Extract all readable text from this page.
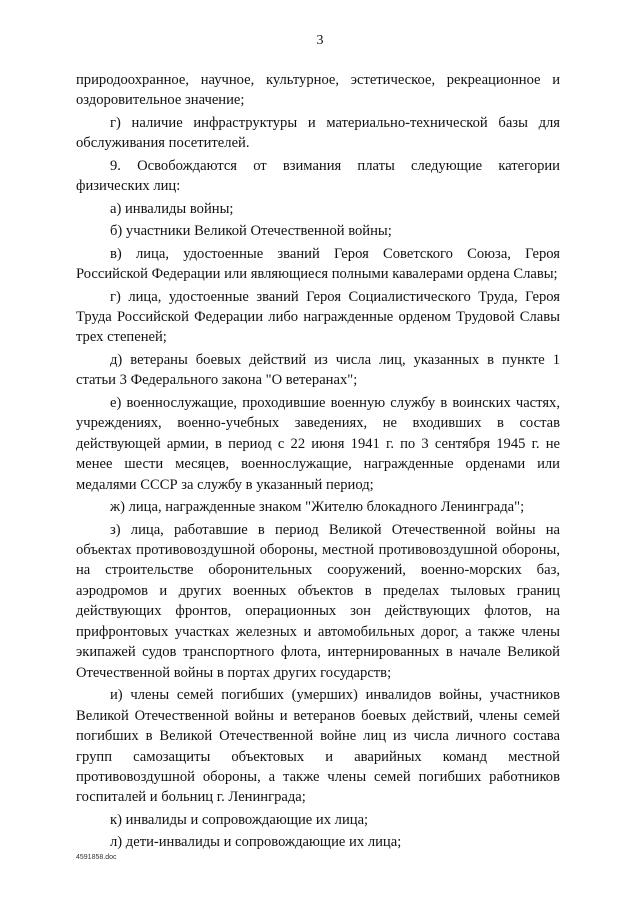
3

природоохранное, научное, культурное, эстетическое, рекреационное и оздоровительное значение;

г) наличие инфраструктуры и материально-технической базы для обслуживания посетителей.

9. Освобождаются от взимания платы следующие категории физических лиц:

а) инвалиды войны;

б) участники Великой Отечественной войны;

в) лица, удостоенные званий Героя Советского Союза, Героя Российской Федерации или являющиеся полными кавалерами ордена Славы;

г) лица, удостоенные званий Героя Социалистического Труда, Героя Труда Российской Федерации либо награжденные орденом Трудовой Славы трех степеней;

д) ветераны боевых действий из числа лиц, указанных в пункте 1 статьи 3 Федерального закона "О ветеранах";

е) военнослужащие, проходившие военную службу в воинских частях, учреждениях, военно-учебных заведениях, не входивших в состав действующей армии, в период с 22 июня 1941 г. по 3 сентября 1945 г. не менее шести месяцев, военнослужащие, награжденные орденами или медалями СССР за службу в указанный период;

ж) лица, награжденные знаком "Жителю блокадного Ленинграда";

з) лица, работавшие в период Великой Отечественной войны на объектах противовоздушной обороны, местной противовоздушной обороны, на строительстве оборонительных сооружений, военно-морских баз, аэродромов и других военных объектов в пределах тыловых границ действующих фронтов, операционных зон действующих флотов, на прифронтовых участках железных и автомобильных дорог, а также члены экипажей судов транспортного флота, интернированных в начале Великой Отечественной войны в портах других государств;

и) члены семей погибших (умерших) инвалидов войны, участников Великой Отечественной войны и ветеранов боевых действий, члены семей погибших в Великой Отечественной войне лиц из числа личного состава групп самозащиты объектовых и аварийных команд местной противовоздушной обороны, а также члены семей погибших работников госпиталей и больниц г. Ленинграда;

к) инвалиды и сопровождающие их лица;

л) дети-инвалиды и сопровождающие их лица;

4591858.doc
